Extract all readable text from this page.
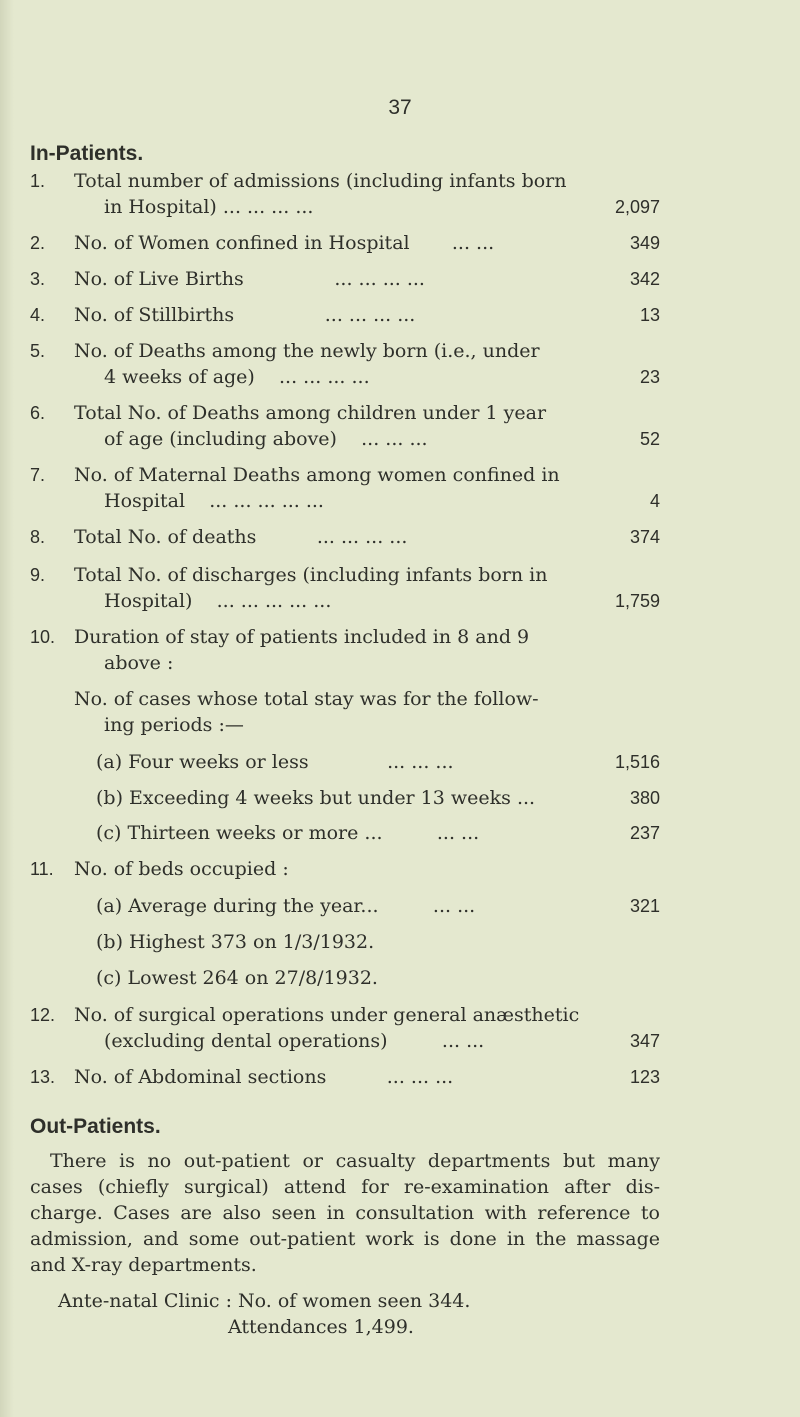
37
In-Patients.
1.	Total number of admissions (including infants born
in Hospital) ... ... ... ...	2,097
2.	No. of Women confined in Hospital ... ...	349
3.	No. of Live Births	... ... ... ...	342
4.	No. of Stillbirths	... ... ... ...	13
5.	No. of Deaths among the newly born (i.e., under
4 weeks of age) ... ... ... ...	23
6.	Total No. of Deaths among children under 1 year
of age (including above) ... ... ...	52
7.	No. of Maternal Deaths among women confined in
Hospital ... ... ... ... ...	4
8.	Total No. of deaths	... ... ... ...	374
9.	Total No. of discharges (including infants born in
Hospital) ... ... ... ... ...	1,759
10. Duration of stay of patients included in 8 and 9
above :
No. of cases whose total stay was for the follow-
ing periods :—
(a) Four weeks or less	... ... ...	1,516
(b) Exceeding 4 weeks but under 13 weeks ...	380
(c) Thirteen weeks or more ...	... ...	237
11.	No. of beds occupied :
(a) Average during the year...	... ...	321
(b) Highest 373 on 1/3/1932.
(c) Lowest 264 on 27/8/1932.
12. No. of surgical operations under general anæsthetic
(excluding dental operations)	... ...	347
13. No. of Abdominal sections	... ... ...	123
Out-Patients.

There is no out-patient or casualty departments but many cases (chiefly surgical) attend for re-examination after dis-charge. Cases are also seen in consultation with reference to admission, and some out-patient work is done in the massage and X-ray departments.

Ante-natal Clinic : No. of women seen 344.
Attendances 1,499.
